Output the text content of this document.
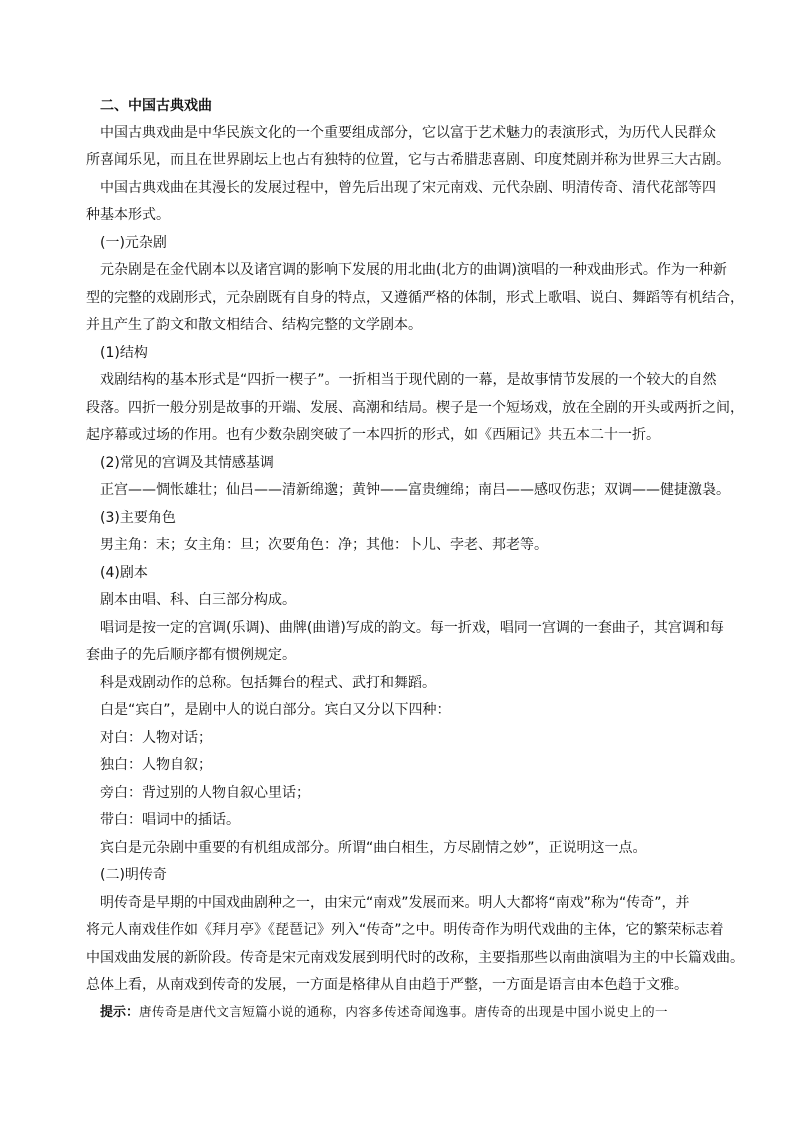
二、中国古典戏曲
中国古典戏曲是中华民族文化的一个重要组成部分，它以富于艺术魅力的表演形式，为历代人民群众
所喜闻乐见，而且在世界剧坛上也占有独特的位置，它与古希腊悲喜剧、印度梵剧并称为世界三大古剧。
中国古典戏曲在其漫长的发展过程中，曾先后出现了宋元南戏、元代杂剧、明清传奇、清代花部等四
种基本形式。
(一)元杂剧
元杂剧是在金代剧本以及诸宫调的影响下发展的用北曲(北方的曲调)演唱的一种戏曲形式。作为一种新
型的完整的戏剧形式，元杂剧既有自身的特点，又遵循严格的体制，形式上歌唱、说白、舞蹈等有机结合，
并且产生了韵文和散文相结合、结构完整的文学剧本。
(1)结构
戏剧结构的基本形式是“四折一楔子”。一折相当于现代剧的一幕，是故事情节发展的一个较大的自然
段落。四折一般分别是故事的开端、发展、高潮和结局。楔子是一个短场戏，放在全剧的开头或两折之间，
起序幕或过场的作用。也有少数杂剧突破了一本四折的形式，如《西厢记》共五本二十一折。
(2)常见的宫调及其情感基调
正宫——惆怅雄壮；仙吕——清新绵邈；黄钟——富贵缠绵；南吕——感叹伤悲；双调——健捷激袅。
(3)主要角色
男主角：末；女主角：旦；次要角色：净；其他：卜儿、孛老、邦老等。
(4)剧本
剧本由唱、科、白三部分构成。
唱词是按一定的宫调(乐调)、曲牌(曲谱)写成的韵文。每一折戏，唱同一宫调的一套曲子，其宫调和每
套曲子的先后顺序都有惯例规定。
科是戏剧动作的总称。包括舞台的程式、武打和舞蹈。
白是“宾白”，是剧中人的说白部分。宾白又分以下四种：
对白：人物对话；
独白：人物自叙；
旁白：背过别的人物自叙心里话；
带白：唱词中的插话。
宾白是元杂剧中重要的有机组成部分。所谓“曲白相生，方尽剧情之妙”，正说明这一点。
(二)明传奇
明传奇是早期的中国戏曲剧种之一，由宋元“南戏”发展而来。明人大都将“南戏”称为“传奇”，并
将元人南戏佳作如《拜月亭》《琵琶记》列入“传奇”之中。明传奇作为明代戏曲的主体，它的繁荣标志着
中国戏曲发展的新阶段。传奇是宋元南戏发展到明代时的改称，主要指那些以南曲演唱为主的中长篇戏曲。
总体上看，从南戏到传奇的发展，一方面是格律从自由趋于严整，一方面是语言由本色趋于文雅。
提示：唐传奇是唐代文言短篇小说的通称，内容多传述奇闻逸事。唐传奇的出现是中国小说史上的一
